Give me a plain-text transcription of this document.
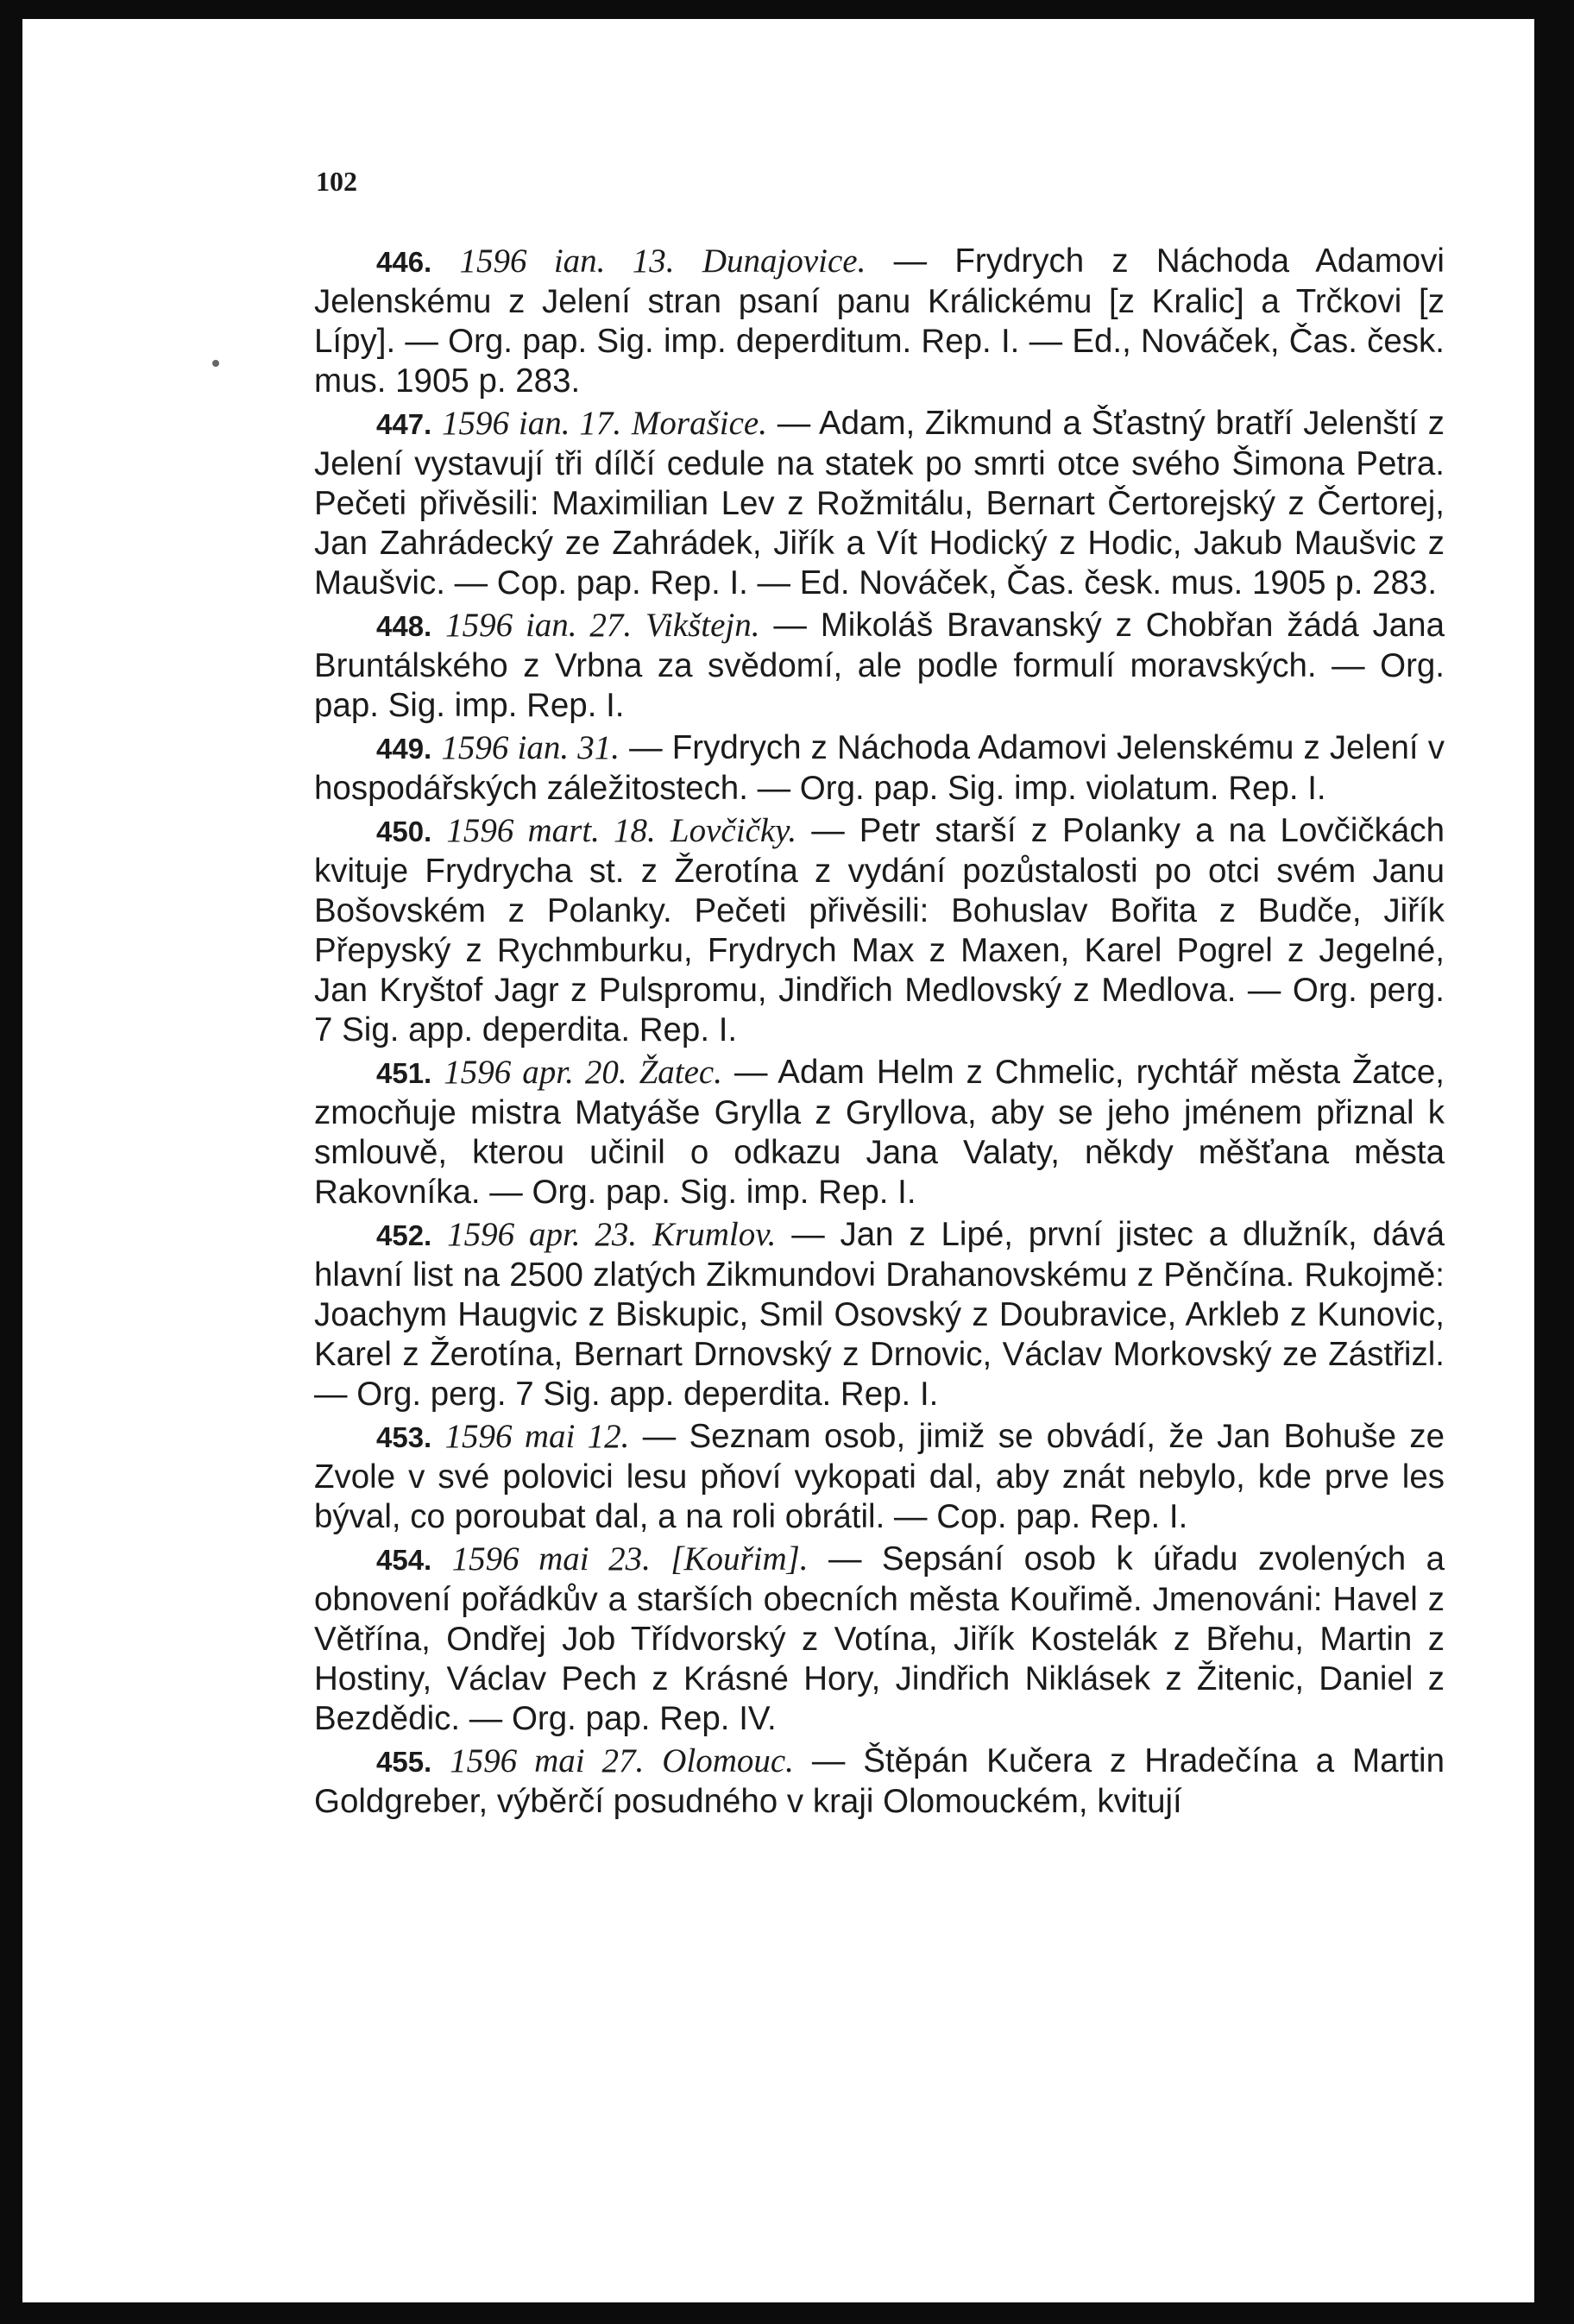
102

446. 1596 ian. 13. Dunajovice. — Frydrych z Náchoda Adamovi Jelenskému z Jelení stran psaní panu Králickému [z Kralic] a Trčkovi [z Lípy]. — Org. pap. Sig. imp. deperditum. Rep. I. — Ed., Nováček, Čas. česk. mus. 1905 p. 283.

447. 1596 ian. 17. Morašice. — Adam, Zikmund a Šťastný bratří Jelenští z Jelení vystavují tři dílčí cedule na statek po smrti otce svého Šimona Petra. Pečeti přivěsili: Maximilian Lev z Rožmitálu, Bernart Čertorejský z Čertorej, Jan Zahrádecký ze Zahrádek, Jiřík a Vít Hodický z Hodic, Jakub Maušvic z Maušvic. — Cop. pap. Rep. I. — Ed. Nováček, Čas. česk. mus. 1905 p. 283.

448. 1596 ian. 27. Vikštejn. — Mikoláš Bravanský z Chobřan žádá Jana Bruntálského z Vrbna za svědomí, ale podle formulí moravských. — Org. pap. Sig. imp. Rep. I.

449. 1596 ian. 31. — Frydrych z Náchoda Adamovi Jelenskému z Jelení v hospodářských záležitostech. — Org. pap. Sig. imp. violatum. Rep. I.

450. 1596 mart. 18. Lovčičky. — Petr starší z Polanky a na Lovčičkách kvituje Frydrycha st. z Žerotína z vydání pozůstalosti po otci svém Janu Bošovském z Polanky. Pečeti přivěsili: Bohuslav Bořita z Budče, Jiřík Přepyský z Rychmburku, Frydrych Max z Maxen, Karel Pogrel z Jegelné, Jan Kryštof Jagr z Pulspromu, Jindřich Medlovský z Medlova. — Org. perg. 7 Sig. app. deperdita. Rep. I.

451. 1596 apr. 20. Žatec. — Adam Helm z Chmelic, rychtář města Žatce, zmocňuje mistra Matyáše Grylla z Gryllova, aby se jeho jménem přiznal k smlouvě, kterou učinil o odkazu Jana Valaty, někdy měšťana města Rakovníka. — Org. pap. Sig. imp. Rep. I.

452. 1596 apr. 23. Krumlov. — Jan z Lipé, první jistec a dlužník, dává hlavní list na 2500 zlatých Zikmundovi Drahanovskému z Pěnčína. Rukojmě: Joachym Haugvic z Biskupic, Smil Osovský z Doubravice, Arkleb z Kunovic, Karel z Žerotína, Bernart Drnovský z Drnovic, Václav Morkovský ze Zástřizl. — Org. perg. 7 Sig. app. deperdita. Rep. I.

453. 1596 mai 12. — Seznam osob, jimiž se obvádí, že Jan Bohuše ze Zvole v své polovici lesu pňoví vykopati dal, aby znát nebylo, kde prve les býval, co poroubat dal, a na roli obrátil. — Cop. pap. Rep. I.

454. 1596 mai 23. [Kouřim]. — Sepsání osob k úřadu zvolených a obnovení pořádkův a starších obecních města Kouřimě. Jmenováni: Havel z Větřína, Ondřej Job Třídvorský z Votína, Jiřík Kostelák z Břehu, Martin z Hostiny, Václav Pech z Krásné Hory, Jindřich Niklásek z Žitenic, Daniel z Bezdědic. — Org. pap. Rep. IV.

455. 1596 mai 27. Olomouc. — Štěpán Kučera z Hradečína a Martin Goldgreber, výběrčí posudného v kraji Olomouckém, kvitují
